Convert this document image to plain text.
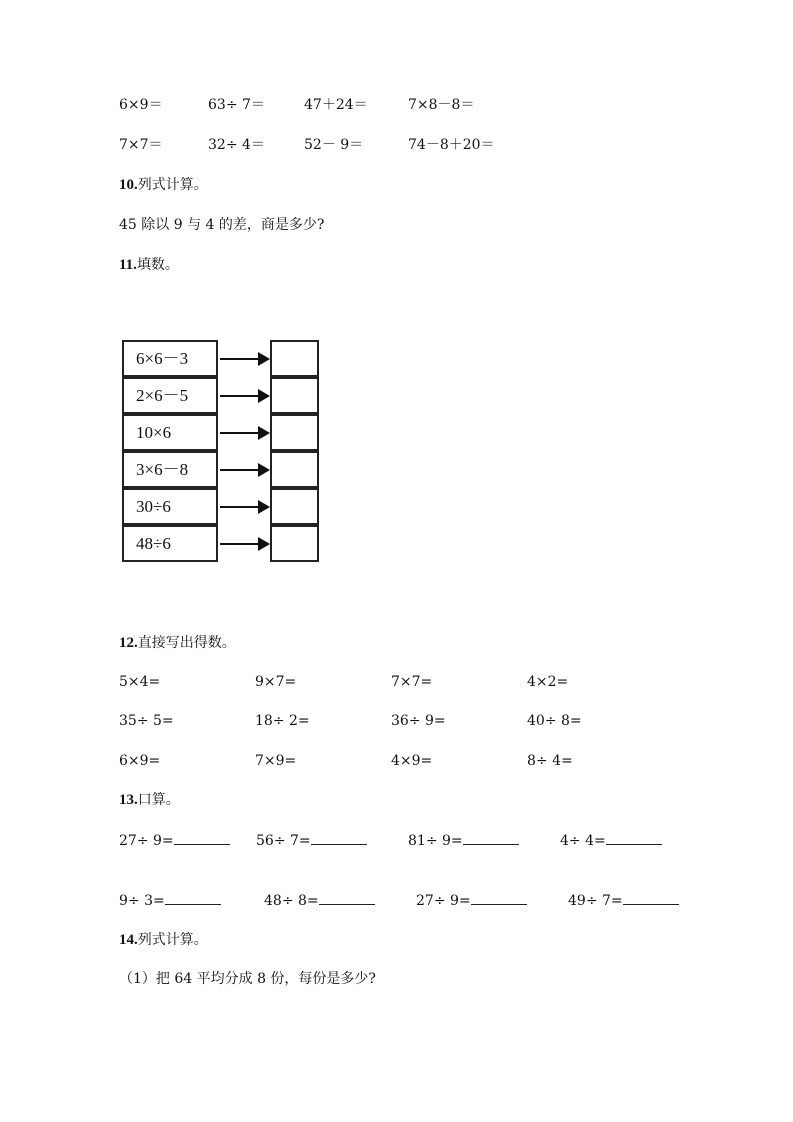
6×9＝	63÷ 7＝	47＋24＝	7×8－8＝
7×7＝	32÷ 4＝	52－ 9＝	74－8＋20＝
10.列式计算。
45 除以 9 与 4 的差，商是多少?
11.填数。
6×6－3
2×6－5
10×6
3×6－8
30÷6
48÷6
12.直接写出得数。
5×4=	9×7=	7×7=	4×2=
35÷ 5=	18÷ 2=	36÷ 9=	40÷ 8=
6×9=	7×9=	4×9=	8÷ 4=
13.口算。
27÷ 9=	56÷ 7=	81÷ 9=	4÷ 4=
9÷ 3=	48÷ 8=	27÷ 9=	49÷ 7=
14.列式计算。
（1）把 64 平均分成 8 份，每份是多少?
